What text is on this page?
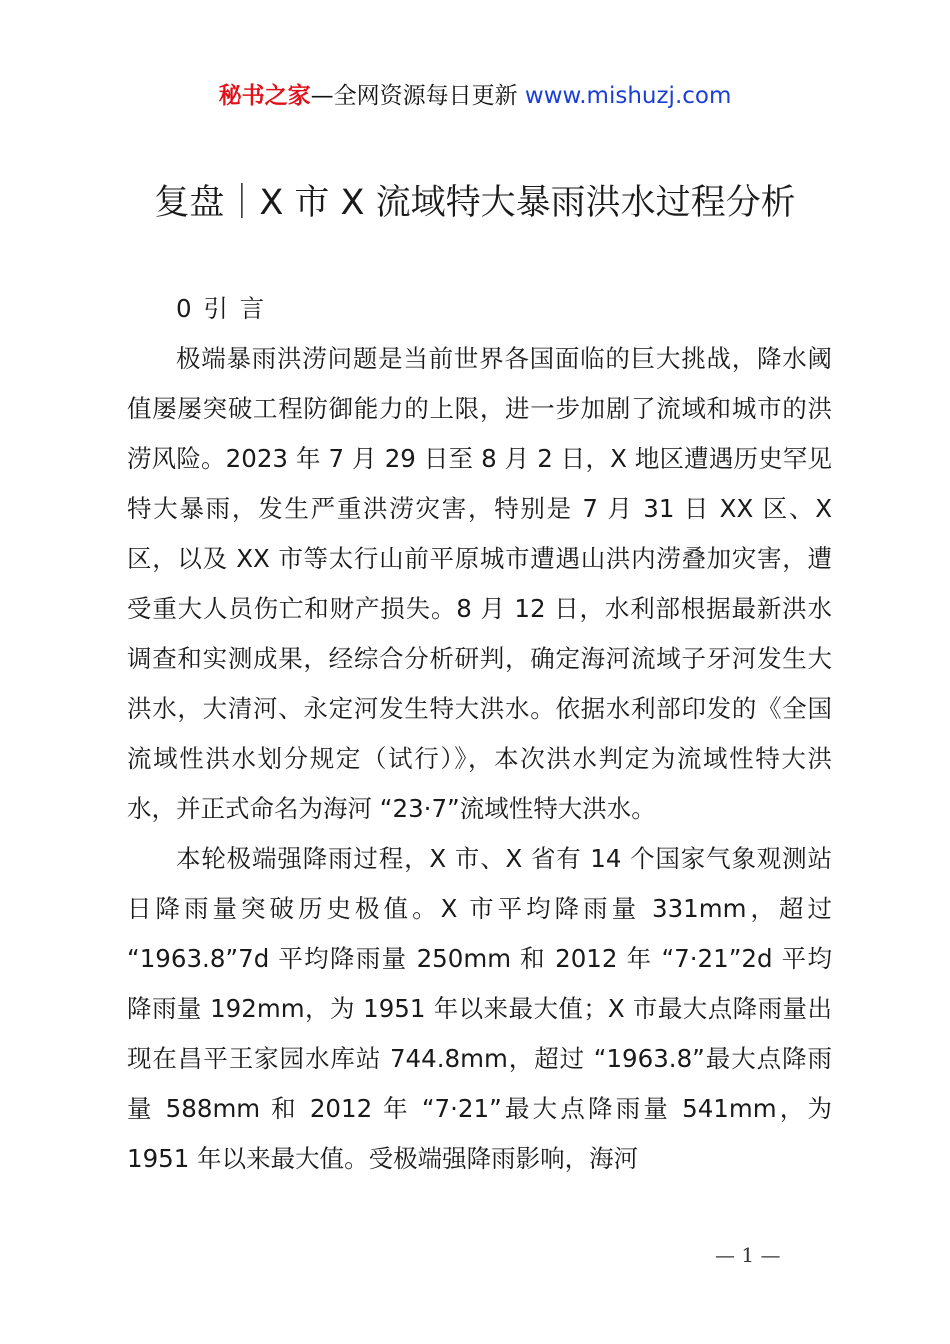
秘书之家—全网资源每日更新 www.mishuzj.com
复盘｜X 市 X 流域特大暴雨洪水过程分析

0 引 言

极端暴雨洪涝问题是当前世界各国面临的巨大挑战，降水阈值屡屡突破工程防御能力的上限，进一步加剧了流域和城市的洪涝风险。2023 年 7 月 29 日至 8 月 2 日，X 地区遭遇历史罕见特大暴雨，发生严重洪涝灾害，特别是 7 月 31 日 XX 区、X 区，以及 XX 市等太行山前平原城市遭遇山洪内涝叠加灾害，遭受重大人员伤亡和财产损失。8 月 12 日，水利部根据最新洪水调查和实测成果，经综合分析研判，确定海河流域子牙河发生大洪水，大清河、永定河发生特大洪水。依据水利部印发的《全国流域性洪水划分规定（试行）》，本次洪水判定为流域性特大洪水，并正式命名为海河 “23·7”流域性特大洪水。

本轮极端强降雨过程，X 市、X 省有 14 个国家气象观测站日降雨量突破历史极值。X 市平均降雨量 331mm，超过 “1963.8”7d 平均降雨量 250mm 和 2012 年 “7·21”2d 平均降雨量 192mm，为 1951 年以来最大值；X 市最大点降雨量出现在昌平王家园水库站 744.8mm，超过 “1963.8”最大点降雨量 588mm 和 2012 年 “7·21”最大点降雨量 541mm，为 1951 年以来最大值。受极端强降雨影响，海河

— 1 —
